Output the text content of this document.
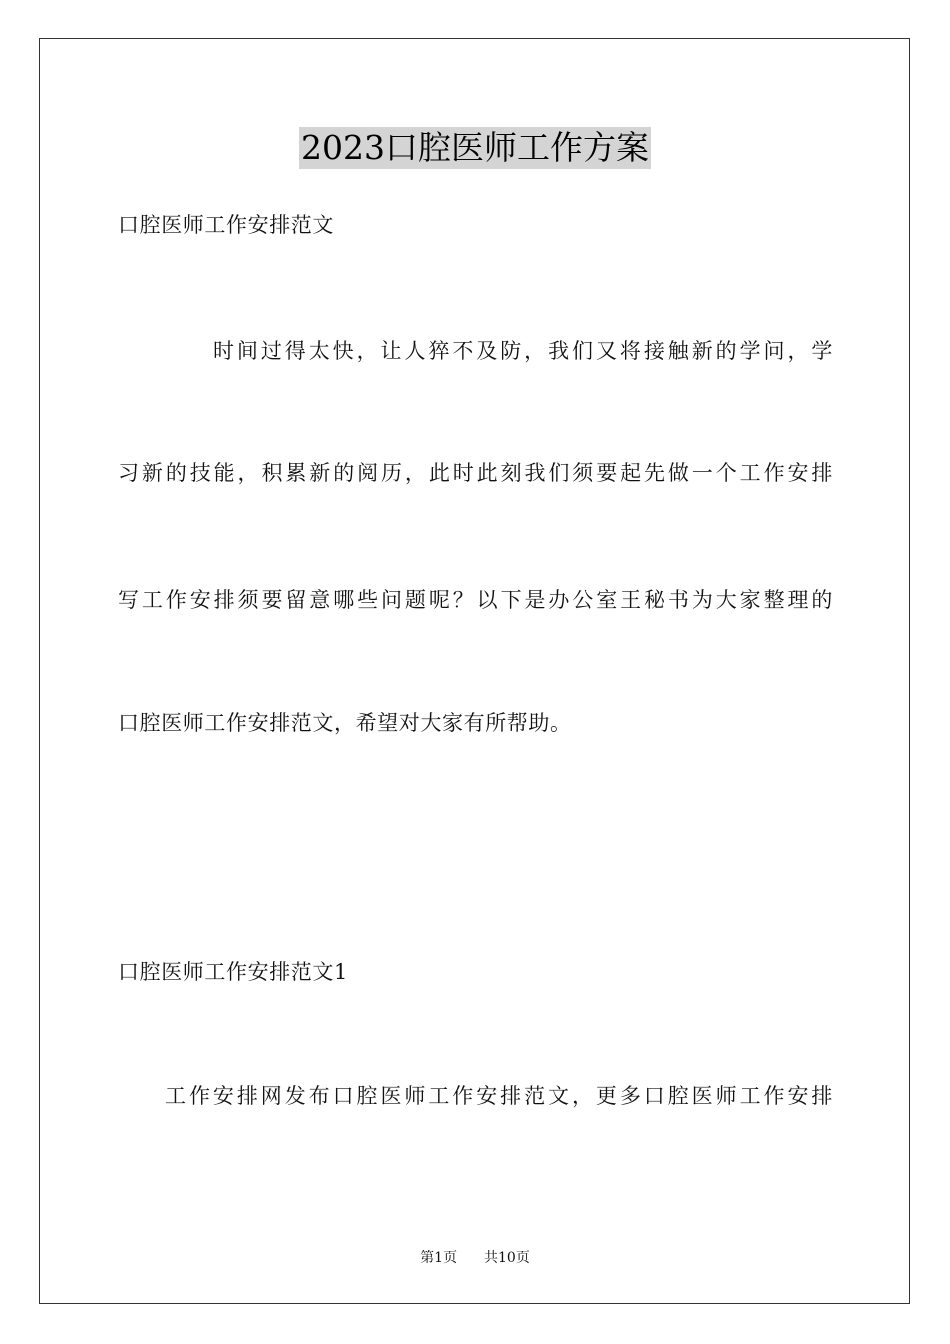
2023口腔医师工作方案
口腔医师工作安排范文
时间过得太快，让人猝不及防，我们又将接触新的学问，学
习新的技能，积累新的阅历，此时此刻我们须要起先做一个工作安排
写工作安排须要留意哪些问题呢？以下是办公室王秘书为大家整理的
口腔医师工作安排范文，希望对大家有所帮助。
口腔医师工作安排范文1
工作安排网发布口腔医师工作安排范文，更多口腔医师工作安排
第1页 共10页
